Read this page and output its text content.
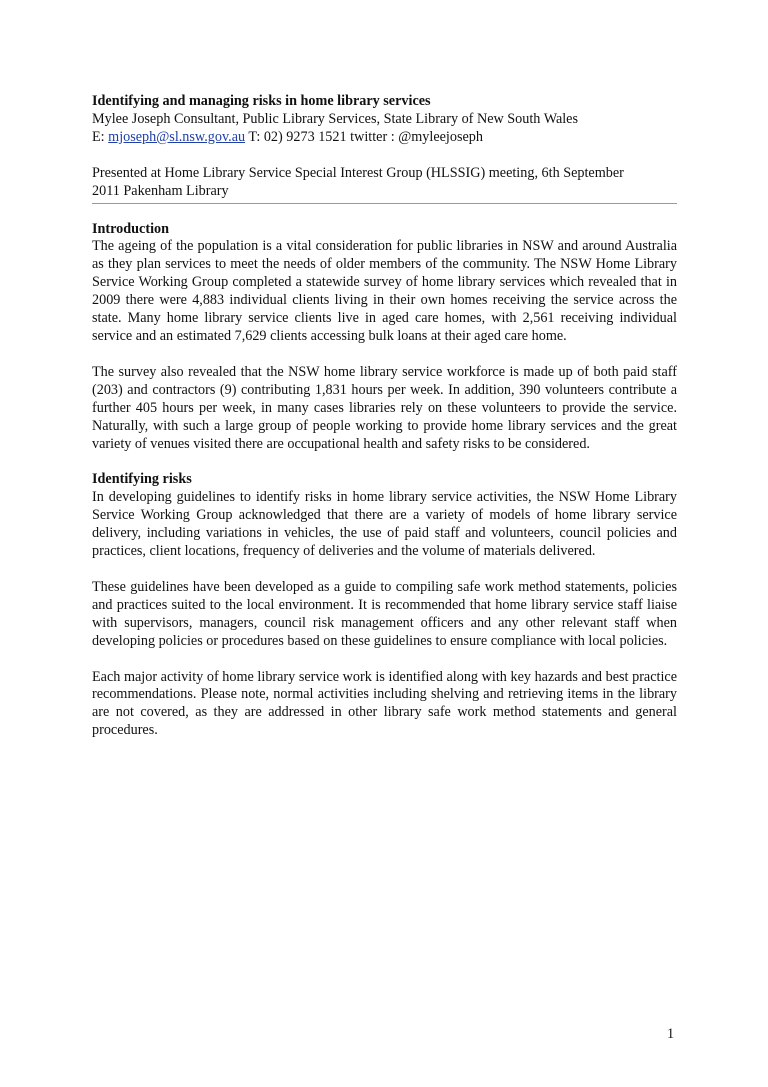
Identifying and managing risks in home library services
Mylee Joseph Consultant, Public Library Services, State Library of New South Wales
E: mjoseph@sl.nsw.gov.au T: 02) 9273 1521 twitter : @myleejoseph
Presented at Home Library Service Special Interest Group (HLSSIG) meeting, 6th September
2011 Pakenham Library
Introduction

The ageing of the population is a vital consideration for public libraries in NSW and around Australia as they plan services to meet the needs of older members of the community. The NSW Home Library Service Working Group completed a statewide survey of home library services which revealed that in 2009 there were 4,883 individual clients living in their own homes receiving the service across the state. Many home library service clients live in aged care homes, with 2,561 receiving individual service and an estimated 7,629 clients accessing bulk loans at their aged care home.

The survey also revealed that the NSW home library service workforce is made up of both paid staff (203) and contractors (9) contributing 1,831 hours per week. In addition, 390 volunteers contribute a further 405 hours per week, in many cases libraries rely on these volunteers to provide the service. Naturally, with such a large group of people working to provide home library services and the great variety of venues visited there are occupational health and safety risks to be considered.

Identifying risks

In developing guidelines to identify risks in home library service activities, the NSW Home Library Service Working Group acknowledged that there are a variety of models of home library service delivery, including variations in vehicles, the use of paid staff and volunteers, council policies and practices, client locations, frequency of deliveries and the volume of materials delivered.

These guidelines have been developed as a guide to compiling safe work method statements, policies and practices suited to the local environment. It is recommended that home library service staff liaise with supervisors, managers, council risk management officers and any other relevant staff when developing policies or procedures based on these guidelines to ensure compliance with local policies.

Each major activity of home library service work is identified along with key hazards and best practice recommendations. Please note, normal activities including shelving and retrieving items in the library are not covered, as they are addressed in other library safe work method statements and general procedures.

1
